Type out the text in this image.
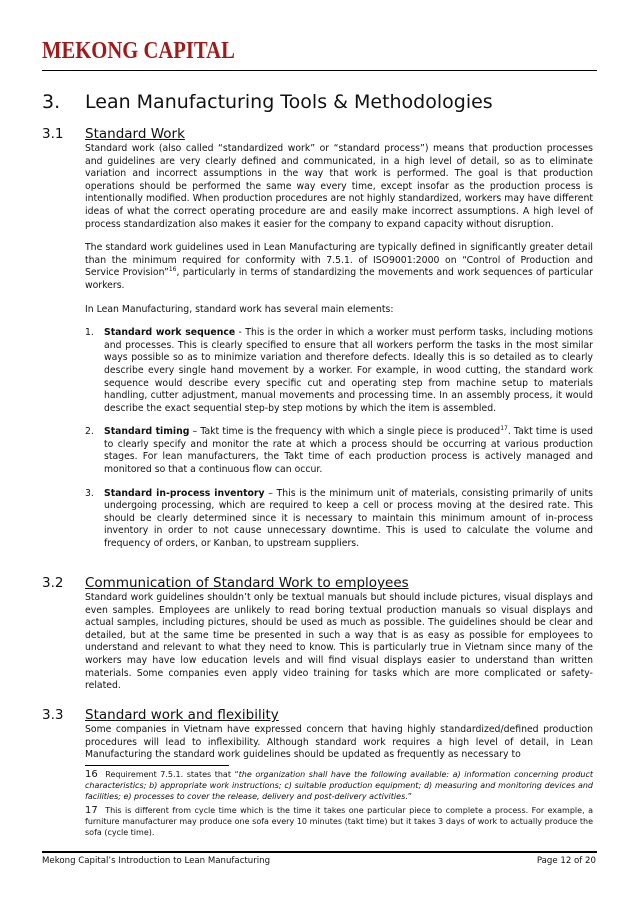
MEKONG CAPITAL
3. Lean Manufacturing Tools & Methodologies
3.1 Standard Work

Standard work (also called “standardized work” or “standard process”) means that production processes and guidelines are very clearly defined and communicated, in a high level of detail, so as to eliminate variation and incorrect assumptions in the way that work is performed. The goal is that production operations should be performed the same way every time, except insofar as the production process is intentionally modified. When production procedures are not highly standardized, workers may have different ideas of what the correct operating procedure are and easily make incorrect assumptions. A high level of process standardization also makes it easier for the company to expand capacity without disruption.

The standard work guidelines used in Lean Manufacturing are typically defined in significantly greater detail than the minimum required for conformity with 7.5.1. of ISO9001:2000 on “Control of Production and Service Provision”$^{16}$, particularly in terms of standardizing the movements and work sequences of particular workers.

In Lean Manufacturing, standard work has several main elements:

1. Standard work sequence - This is the order in which a worker must perform tasks, including motions and processes. This is clearly specified to ensure that all workers perform the tasks in the most similar ways possible so as to minimize variation and therefore defects. Ideally this is so detailed as to clearly describe every single hand movement by a worker. For example, in wood cutting, the standard work sequence would describe every specific cut and operating step from machine setup to materials handling, cutter adjustment, manual movements and processing time. In an assembly process, it would describe the exact sequential step-by step motions by which the item is assembled.
2. Standard timing – Takt time is the frequency with which a single piece is produced$^{17}$. Takt time is used to clearly specify and monitor the rate at which a process should be occurring at various production stages. For lean manufacturers, the Takt time of each production process is actively managed and monitored so that a continuous flow can occur.
3. Standard in-process inventory – This is the minimum unit of materials, consisting primarily of units undergoing processing, which are required to keep a cell or process moving at the desired rate. This should be clearly determined since it is necessary to maintain this minimum amount of in-process inventory in order to not cause unnecessary downtime. This is used to calculate the volume and frequency of orders, or Kanban, to upstream suppliers.
3.2 Communication of Standard Work to employees

Standard work guidelines shouldn’t only be textual manuals but should include pictures, visual displays and even samples. Employees are unlikely to read boring textual production manuals so visual displays and actual samples, including pictures, should be used as much as possible. The guidelines should be clear and detailed, but at the same time be presented in such a way that is as easy as possible for employees to understand and relevant to what they need to know. This is particularly true in Vietnam since many of the workers may have low education levels and will find visual displays easier to understand than written materials. Some companies even apply video training for tasks which are more complicated or safety-related.

3.3 Standard work and flexibility

Some companies in Vietnam have expressed concern that having highly standardized/defined production procedures will lead to inflexibility. Although standard work requires a high level of detail, in Lean Manufacturing the standard work guidelines should be updated as frequently as necessary to

16 Requirement 7.5.1. states that “the organization shall have the following available: a) information concerning product characteristics; b) appropriate work instructions; c) suitable production equipment; d) measuring and monitoring devices and facilities; e) processes to cover the release, delivery and post-delivery activities.”

17 This is different from cycle time which is the time it takes one particular piece to complete a process. For example, a furniture manufacturer may produce one sofa every 10 minutes (takt time) but it takes 3 days of work to actually produce the sofa (cycle time).

Mekong Capital’s Introduction to Lean Manufacturing	Page 12 of 20
